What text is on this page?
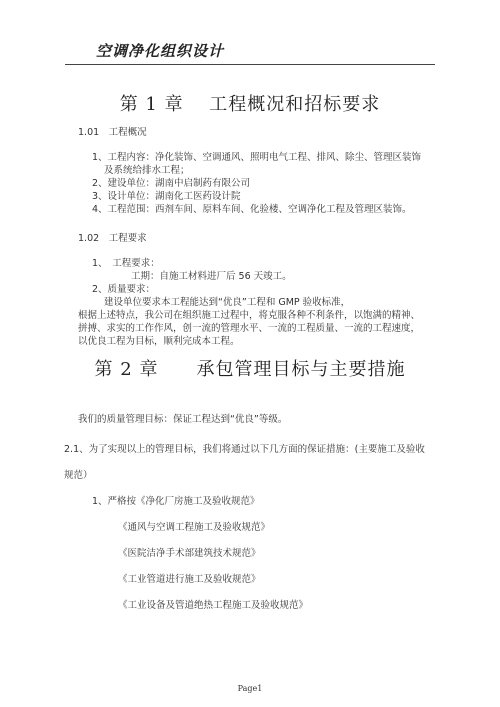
空调净化组织设计
第 1 章　 工程概况和招标要求
1.01　工程概况
1、工程内容：净化装饰、空调通风、照明电气工程、排风、除尘、管理区装饰
及系统给排水工程；
2、建设单位：湖南中启制药有限公司
3、设计单位：湖南化工医药设计院
4、工程范围：西剂车间、原料车间、化验楼、空调净化工程及管理区装饰。
1.02　工程要求
1、　工程要求：
工期：自施工材料进厂后 56 天竣工。
2、质量要求：
建设单位要求本工程能达到“优良”工程和 GMP 验收标准，
根据上述特点，我公司在组织施工过程中，将克服各种不利条件，以饱满的精神、
拼搏、求实的工作作风，创一流的管理水平、一流的工程质量、一流的工程速度，
以优良工程为目标，顺利完成本工程。
第 2 章　　承包管理目标与主要措施
我们的质量管理目标：保证工程达到“优良”等级。
2.1、为了实现以上的管理目标，我们将通过以下几方面的保证措施：(主要施工及验收
规范）
1、严格按《净化厂房施工及验收规范》
《通风与空调工程施工及验收规范》
《医院洁净手术部建筑技术规范》
《工业管道进行施工及验收规范》
《工业设备及管道绝热工程施工及验收规范》
Page1
